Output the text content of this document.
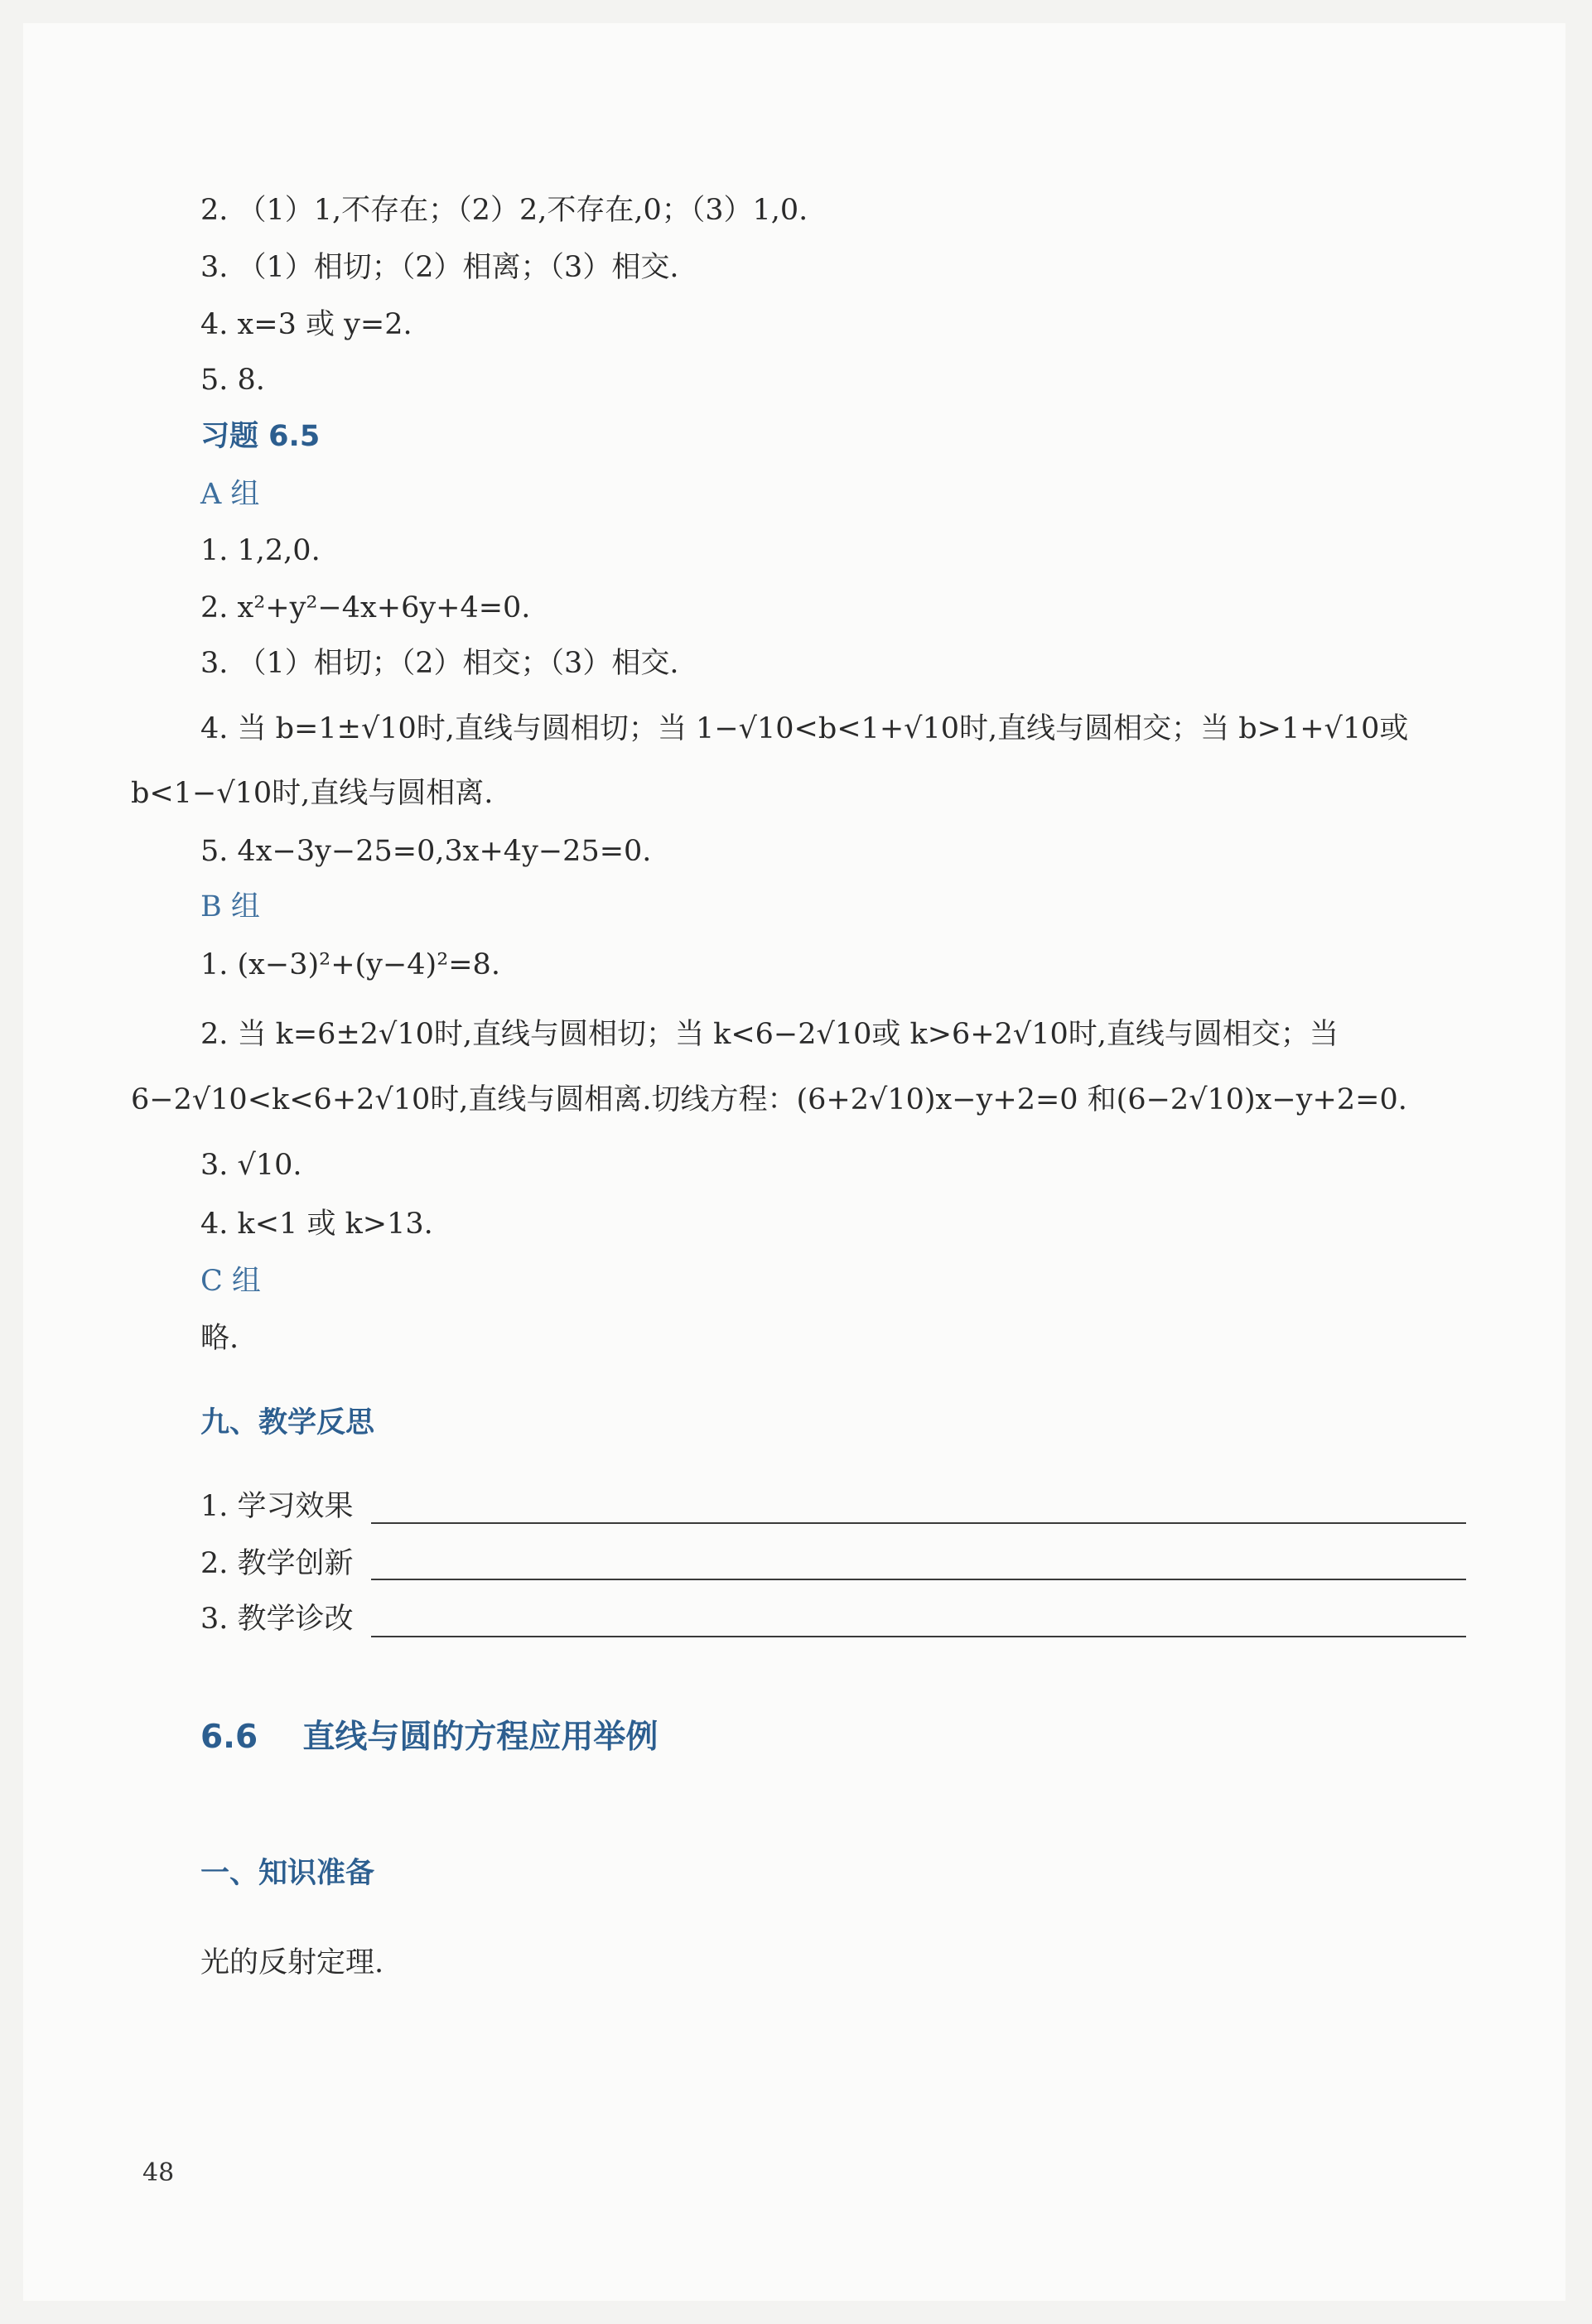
2. （1）1,不存在；（2）2,不存在,0；（3）1,0.
3. （1）相切；（2）相离；（3）相交.
4. x=3 或 y=2.
5. 8.
习题 6.5
A 组
1. 1,2,0.
2. x²+y²−4x+6y+4=0.
3. （1）相切；（2）相交；（3）相交.
4. 当 b=1±√10时,直线与圆相切；当 1−√10<b<1+√10时,直线与圆相交；当 b>1+√10或
b<1−√10时,直线与圆相离.
5. 4x−3y−25=0,3x+4y−25=0.
B 组
1. (x−3)²+(y−4)²=8.
2. 当 k=6±2√10时,直线与圆相切；当 k<6−2√10或 k>6+2√10时,直线与圆相交；当
6−2√10<k<6+2√10时,直线与圆相离.切线方程：(6+2√10)x−y+2=0 和(6−2√10)x−y+2=0.
3. √10.
4. k<1 或 k>13.
C 组
略.
九、教学反思
1. 学习效果
2. 教学创新
3. 教学诊改
6.6 直线与圆的方程应用举例
一、知识准备
光的反射定理.
48
